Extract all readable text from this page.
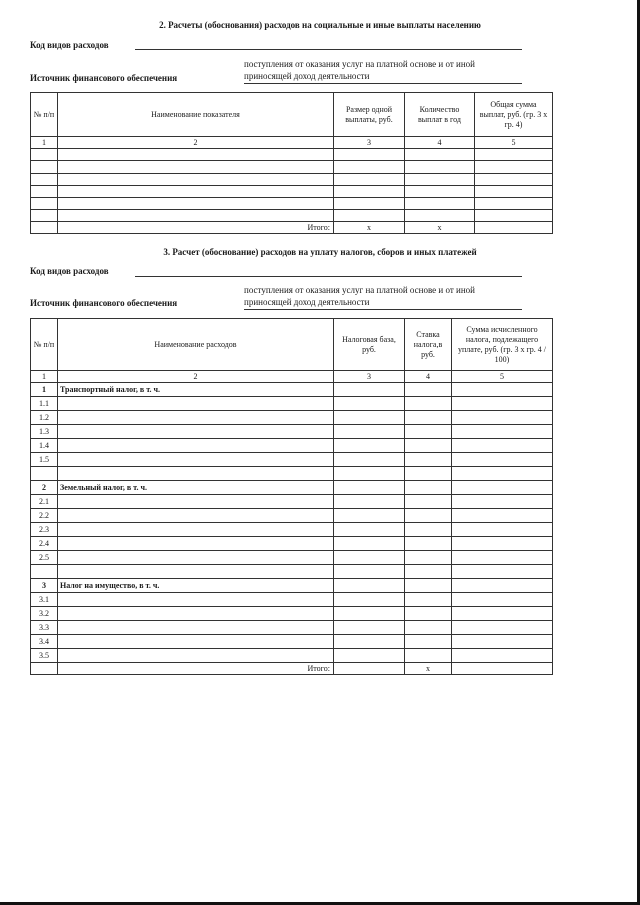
2. Расчеты (обоснования) расходов на социальные и иные выплаты населению
Код видов расходов
поступления от оказания услуг на платной основе и от иной
приносящей доход деятельности
Источник финансового обеспечения
№ п/п	Наименование показателя	Размер одной выплаты, руб.	Количество выплат в год	Общая сумма выплат, руб. (гр. 3 x гр. 4)
1	2	3	4	5

	Итого:	x	x	
3. Расчет (обоснование) расходов на уплату налогов, сборов и иных платежей
Код видов расходов
поступления от оказания услуг на платной основе и от иной
приносящей доход деятельности
Источник финансового обеспечения
№ п/п	Наименование расходов	Налоговая база, руб.	Ставка налога,в руб.	Сумма исчисленного налога, подлежащего уплате, руб. (гр. 3 x гр. 4 / 100)
1	2	3	4	5
1	Транспортный налог, в т. ч.			
1.1				
1.2				
1.3				
1.4				
1.5				

2	Земельный налог, в т. ч.			
2.1				
2.2				
2.3				
2.4				
2.5				

3	Налог на имущество, в т. ч.			
3.1				
3.2				
3.3				
3.4				
3.5				
	Итого:		x	
